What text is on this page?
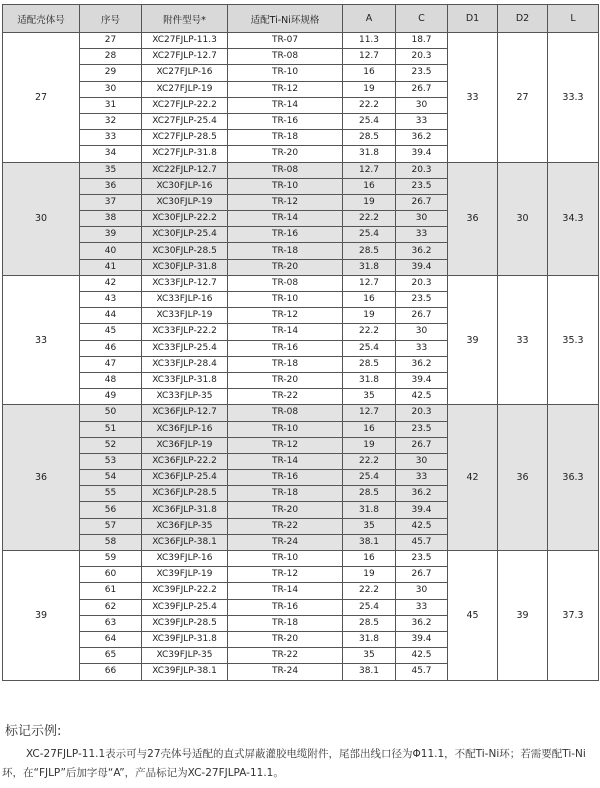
适配壳体号	序号	附件型号*	适配Ti-Ni环规格	A	C	D1	D2	L
27	27	XC27FJLP-11.3	TR-07	11.3	18.7	33	27	33.3
	28	XC27FJLP-12.7	TR-08	12.7	20.3			
	29	XC27FJLP-16	TR-10	16	23.5			
	30	XC27FJLP-19	TR-12	19	26.7			
	31	XC27FJLP-22.2	TR-14	22.2	30			
	32	XC27FJLP-25.4	TR-16	25.4	33			
	33	XC27FJLP-28.5	TR-18	28.5	36.2			
	34	XC27FJLP-31.8	TR-20	31.8	39.4			
30	35	XC22FJLP-12.7	TR-08	12.7	20.3	36	30	34.3
	36	XC30FJLP-16	TR-10	16	23.5			
	37	XC30FJLP-19	TR-12	19	26.7			
	38	XC30FJLP-22.2	TR-14	22.2	30			
	39	XC30FJLP-25.4	TR-16	25.4	33			
	40	XC30FJLP-28.5	TR-18	28.5	36.2			
	41	XC30FJLP-31.8	TR-20	31.8	39.4			
33	42	XC33FJLP-12.7	TR-08	12.7	20.3	39	33	35.3
	43	XC33FJLP-16	TR-10	16	23.5			
	44	XC33FJLP-19	TR-12	19	26.7			
	45	XC33FJLP-22.2	TR-14	22.2	30			
	46	XC33FJLP-25.4	TR-16	25.4	33			
	47	XC33FJLP-28.4	TR-18	28.5	36.2			
	48	XC33FJLP-31.8	TR-20	31.8	39.4			
	49	XC33FJLP-35	TR-22	35	42.5			
36	50	XC36FJLP-12.7	TR-08	12.7	20.3	42	36	36.3
	51	XC36FJLP-16	TR-10	16	23.5			
	52	XC36FJLP-19	TR-12	19	26.7			
	53	XC36FJLP-22.2	TR-14	22.2	30			
	54	XC36FJLP-25.4	TR-16	25.4	33			
	55	XC36FJLP-28.5	TR-18	28.5	36.2			
	56	XC36FJLP-31.8	TR-20	31.8	39.4			
	57	XC36FJLP-35	TR-22	35	42.5			
	58	XC36FJLP-38.1	TR-24	38.1	45.7			
39	59	XC39FJLP-16	TR-10	16	23.5	45	39	37.3
	60	XC39FJLP-19	TR-12	19	26.7			
	61	XC39FJLP-22.2	TR-14	22.2	30			
	62	XC39FJLP-25.4	TR-16	25.4	33			
	63	XC39FJLP-28.5	TR-18	28.5	36.2			
	64	XC39FJLP-31.8	TR-20	31.8	39.4			
	65	XC39FJLP-35	TR-22	35	42.5			
	66	XC39FJLP-38.1	TR-24	38.1	45.7			

标记示例:

XC-27FJLP-11.1表示可与27壳体号适配的直式屏蔽灌胶电缆附件，尾部出线口径为Φ11.1，不配Ti-Ni环；若需要配Ti-Ni环，在“FJLP”后加字母“A”，产品标记为XC-27FJLPA-11.1。
